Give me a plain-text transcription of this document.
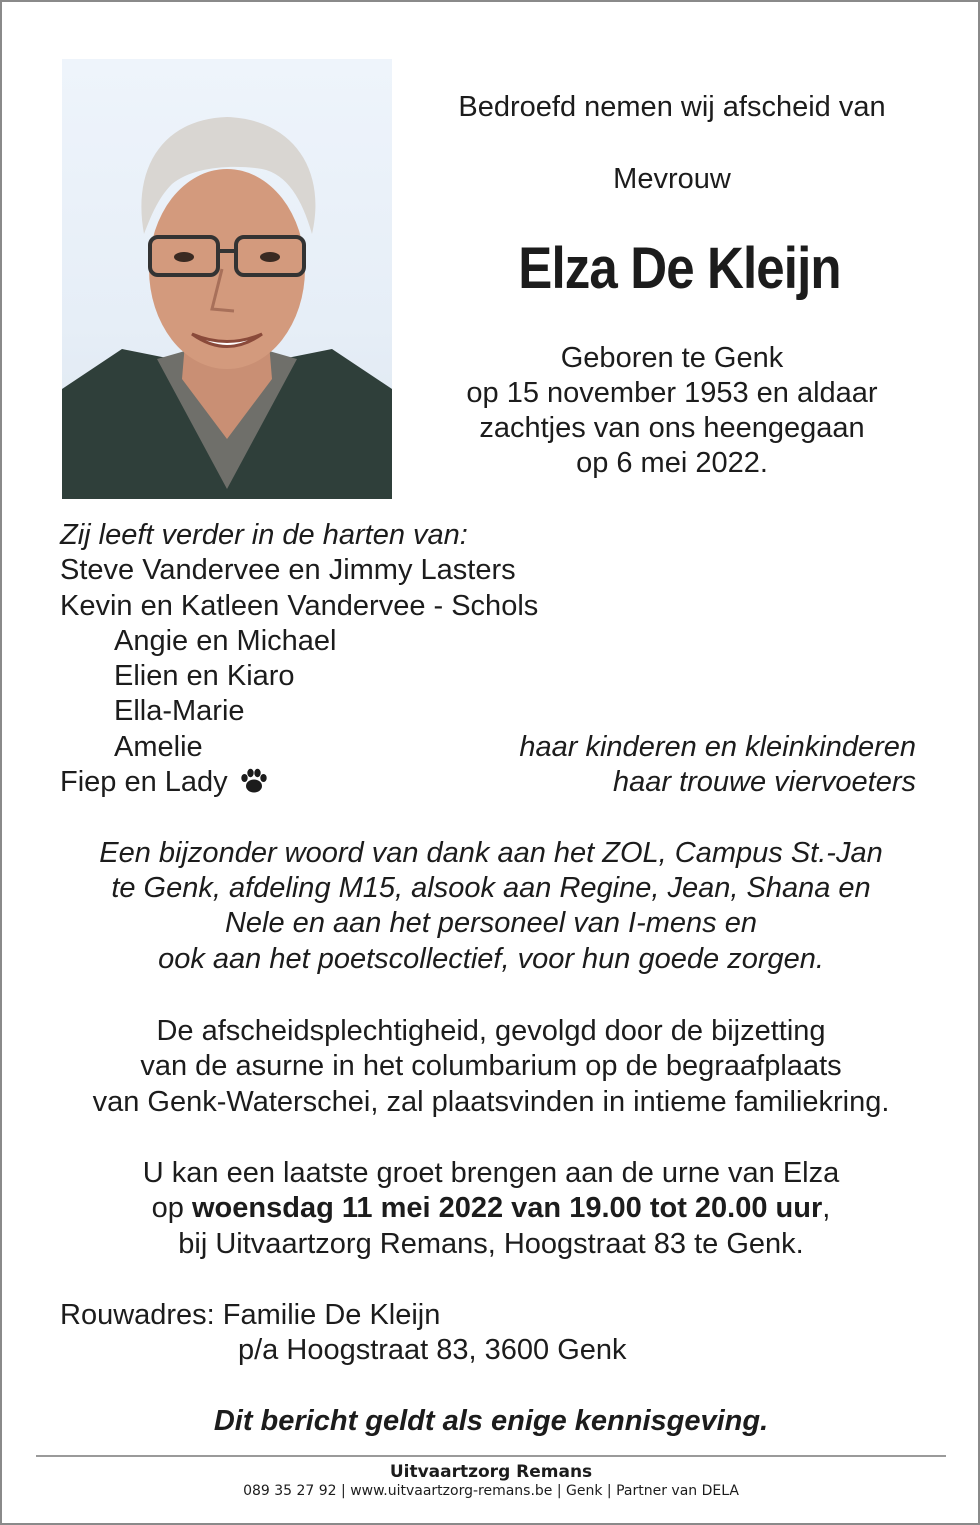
Bedroefd nemen wij afscheid van
Mevrouw
Elza De Kleijn
Geboren te Genk
op 15 november 1953 en aldaar
zachtjes van ons heengegaan
op 6 mei 2022.
Zij leeft verder in de harten van:
Steve Vandervee en Jimmy Lasters
Kevin en Katleen Vandervee - Schols
Angie en Michael
Elien en Kiaro
Ella-Marie
Amelie	haar kinderen en kleinkinderen
Fiep en Lady	haar trouwe viervoeters
Een bijzonder woord van dank aan het ZOL, Campus St.-Jan
te Genk, afdeling M15, alsook aan Regine, Jean, Shana en
Nele en aan het personeel van I-mens en
ook aan het poetscollectief, voor hun goede zorgen.
De afscheidsplechtigheid, gevolgd door de bijzetting
van de asurne in het columbarium op de begraafplaats
van Genk-Waterschei, zal plaatsvinden in intieme familiekring.
U kan een laatste groet brengen aan de urne van Elza
op woensdag 11 mei 2022 van 19.00 tot 20.00 uur,
bij Uitvaartzorg Remans, Hoogstraat 83 te Genk.
Rouwadres: Familie De Kleijn
p/a Hoogstraat 83, 3600 Genk
Dit bericht geldt als enige kennisgeving.
Uitvaartzorg Remans
089 35 27 92 | www.uitvaartzorg-remans.be | Genk | Partner van DELA
